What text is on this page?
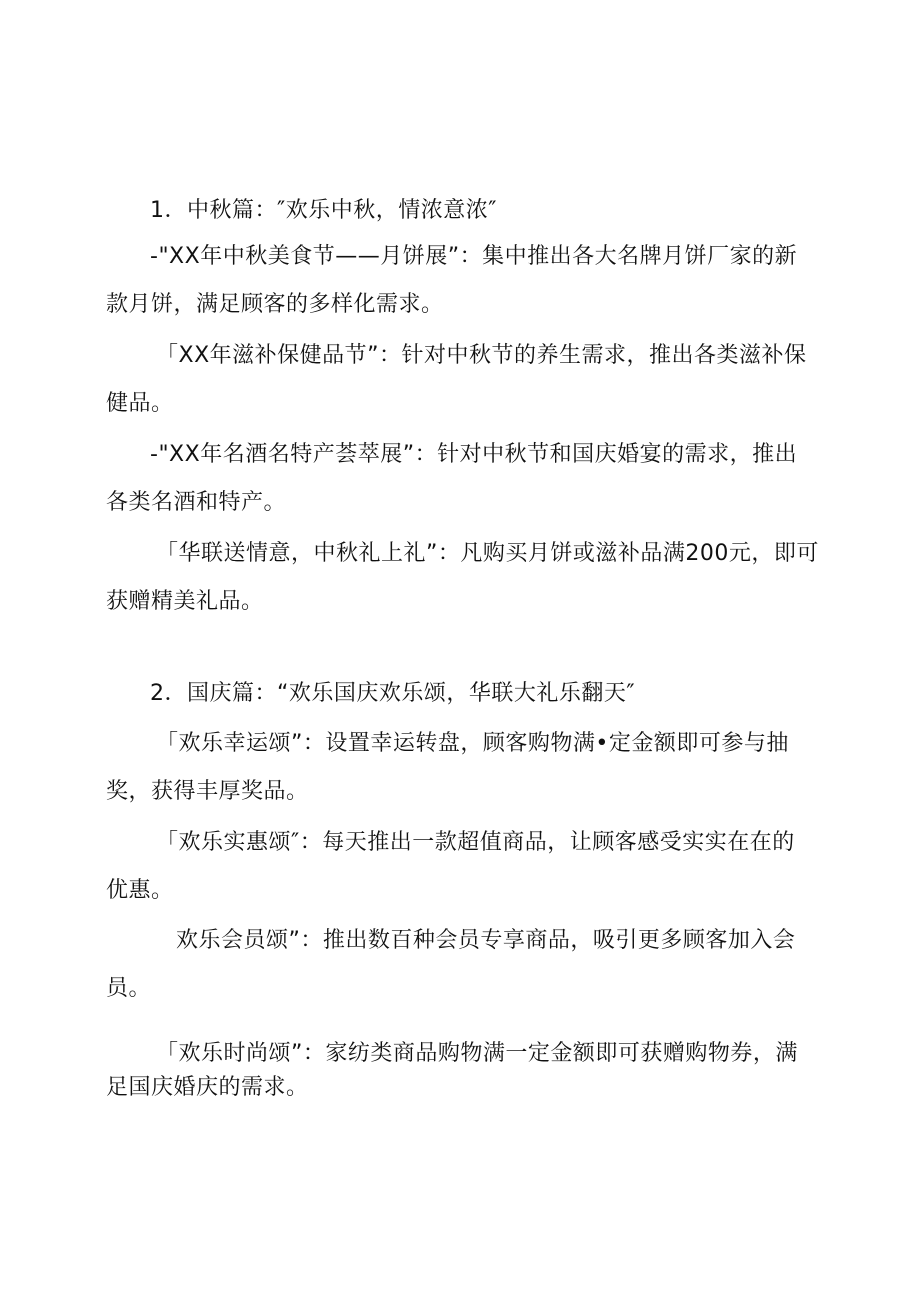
1．中秋篇：″欢乐中秋，情浓意浓″
-"XX年中秋美食节——月饼展”：集中推出各大名牌月饼厂家的新
款月饼，满足顾客的多样化需求。
「XX年滋补保健品节”：针对中秋节的养生需求，推出各类滋补保
健品。
-"XX年名酒名特产荟萃展”：针对中秋节和国庆婚宴的需求，推出
各类名酒和特产。
「华联送情意，中秋礼上礼”：凡购买月饼或滋补品满200元，即可
获赠精美礼品。
2．国庆篇：“欢乐国庆欢乐颂，华联大礼乐翻天″
「欢乐幸运颂”：设置幸运转盘，顾客购物满•定金额即可参与抽
奖，获得丰厚奖品。
「欢乐实惠颂″：每天推出一款超值商品，让顾客感受实实在在的
优惠。
欢乐会员颂”：推出数百种会员专享商品，吸引更多顾客加入会
员。
「欢乐时尚颂”：家纺类商品购物满一定金额即可获赠购物券，满
足国庆婚庆的需求。
